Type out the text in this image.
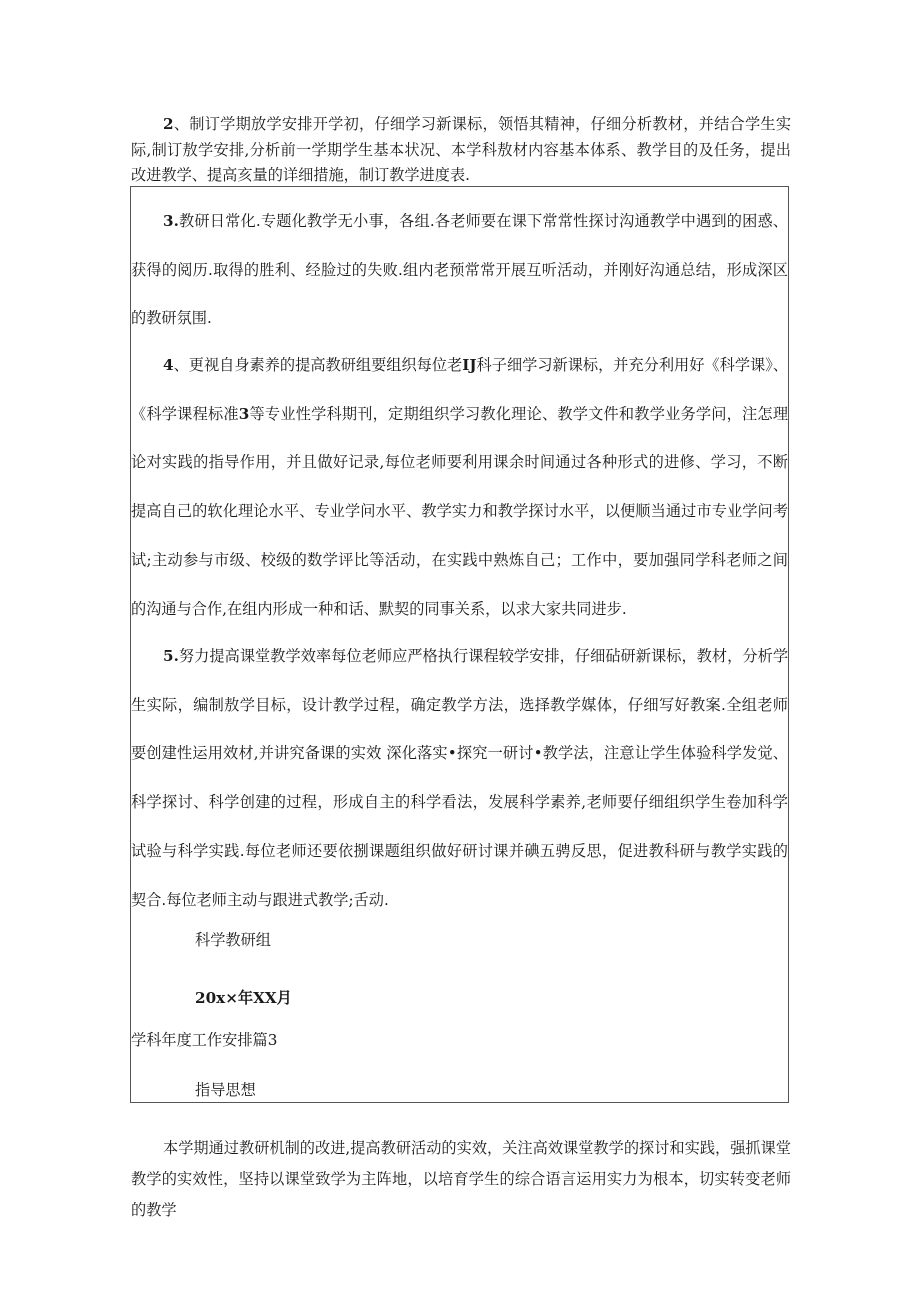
2、制订学期放学安排开学初，仔细学习新课标，领悟其精神，仔细分析教材，并结合学生实际,制订敖学安排,分析前一学期学生基本状况、本学科敖材内容基本体系、教学目的及任务，提出改进教学、提高亥量的详细措施，制订教学进度表.

3.教研日常化.专题化教学无小事，各组.各老师要在课下常常性探讨沟通教学中遇到的困惑、获得的阅历.取得的胜利、经脸过的失败.组内老预常常开展互听活动，并刚好沟通总结，形成深区的教研氛围.

4、更视自身素养的提高教研组要组织每位老IJ科子细学习新课标，并充分利用好《科学课》、《科学课程标准3等专业性学科期刊，定期组织学习教化理论、教学文件和教学业务学问，注怎理论对实践的指导作用，并且做好记录,每位老师要利用课余时间通过各种形式的进修、学习，不断提高自己的软化理论水平、专业学问水平、教学实力和教学探讨水平，以便顺当通过市专业学问考试;主动参与市级、校级的数学评比等活动，在实践中熟炼自己；工作中，要加强同学科老师之间的沟通与合作,在组内形成一种和话、默契的同事关系，以求大家共同进步.

5.努力提高课堂教学效率每位老师应严格执行课程较学安排，仔细砧研新课标，教材，分析学生实际，编制敖学目标，设计教学过程，确定教学方法，选择教学媒体，仔细写好教案.全组老师要创建性运用效材,并讲究备课的实效 深化落实•探究一研讨•教学法，注意让学生体验科学发觉、科学探讨、科学创建的过程，形成自主的科学看法，发展科学素养,老师要仔细组织学生卷加科学试验与科学实践.每位老师还要依捌课题组织做好研讨课并碘五骋反思，促进教科研与教学实践的契合.每位老师主动与跟进式教学;舌动.

科学教研组

20x×年XX月

学科年度工作安排篇3

指导思想

本学期通过教研机制的改进,提高教研活动的实效，关注高效课堂教学的探讨和实践，强抓课堂教学的实效性，坚持以课堂致学为主阵地，以培育学生的综合语言运用实力为根本，切实转变老师的教学
